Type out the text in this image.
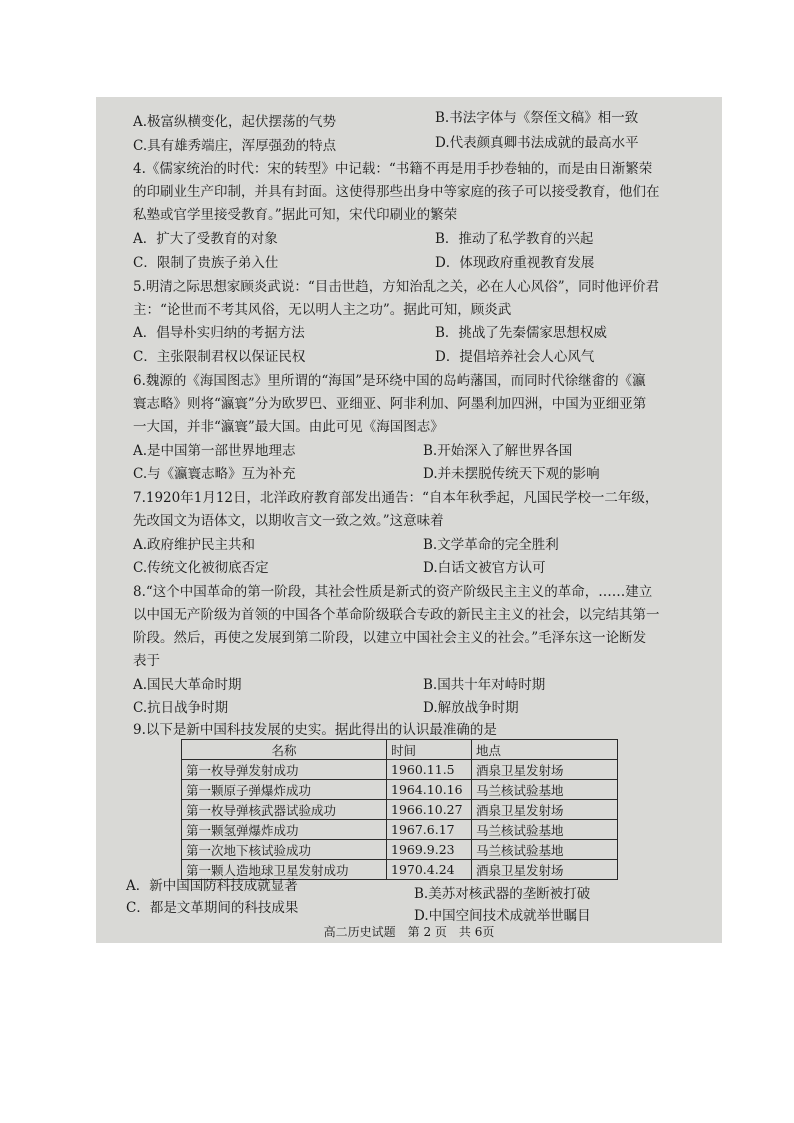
A.极富纵横变化，起伏摆荡的气势	B.书法字体与《祭侄文稿》相一致
C.具有雄秀端庄，浑厚强劲的特点	D.代表颜真卿书法成就的最高水平
4.《儒家统治的时代：宋的转型》中记载：“书籍不再是用手抄卷轴的，而是由日渐繁荣
的印刷业生产印制，并具有封面。这使得那些出身中等家庭的孩子可以接受教育，他们在
私塾或官学里接受教育。”据此可知，宋代印刷业的繁荣
A．扩大了受教育的对象	B．推动了私学教育的兴起
C．限制了贵族子弟入仕	D．体现政府重视教育发展
5.明清之际思想家顾炎武说：“目击世趋，方知治乱之关，必在人心风俗”，同时他评价君
主：“论世而不考其风俗，无以明人主之功”。据此可知，顾炎武
A．倡导朴实归纳的考据方法	B．挑战了先秦儒家思想权威
C．主张限制君权以保证民权	D．提倡培养社会人心风气
6.魏源的《海国图志》里所谓的“海国”是环绕中国的岛屿藩国，而同时代徐继畬的《瀛
寰志略》则将“瀛寰”分为欧罗巴、亚细亚、阿非利加、阿墨利加四洲，中国为亚细亚第
一大国，并非“瀛寰”最大国。由此可见《海国图志》
A.是中国第一部世界地理志	B.开始深入了解世界各国
C.与《瀛寰志略》互为补充	D.并未摆脱传统天下观的影响
7.1920年1月12日，北洋政府教育部发出通告：“自本年秋季起，凡国民学校一二年级，
先改国文为语体文，以期收言文一致之效。”这意味着
A.政府维护民主共和	B.文学革命的完全胜利
C.传统文化被彻底否定	D.白话文被官方认可
8.“这个中国革命的第一阶段，其社会性质是新式的资产阶级民主主义的革命，……建立
以中国无产阶级为首领的中国各个革命阶级联合专政的新民主主义的社会，以完结其第一
阶段。然后，再使之发展到第二阶段，以建立中国社会主义的社会。”毛泽东这一论断发
表于
A.国民大革命时期	B.国共十年对峙时期
C.抗日战争时期	D.解放战争时期
9.以下是新中国科技发展的史实。据此得出的认识最准确的是
名称	时间	地点
第一枚导弹发射成功	1960.11.5	酒泉卫星发射场
第一颗原子弹爆炸成功	1964.10.16	马兰核试验基地
第一枚导弹核武器试验成功	1966.10.27	酒泉卫星发射场
第一颗氢弹爆炸成功	1967.6.17	马兰核试验基地
第一次地下核试验成功	1969.9.23	马兰核试验基地
第一颗人造地球卫星发射成功	1970.4.24	酒泉卫星发射场
A．新中国国防科技成就显著	B.美苏对核武器的垄断被打破
C．都是文革期间的科技成果	D.中国空间技术成就举世瞩目
高二历史试题　第 2 页　共 6页
